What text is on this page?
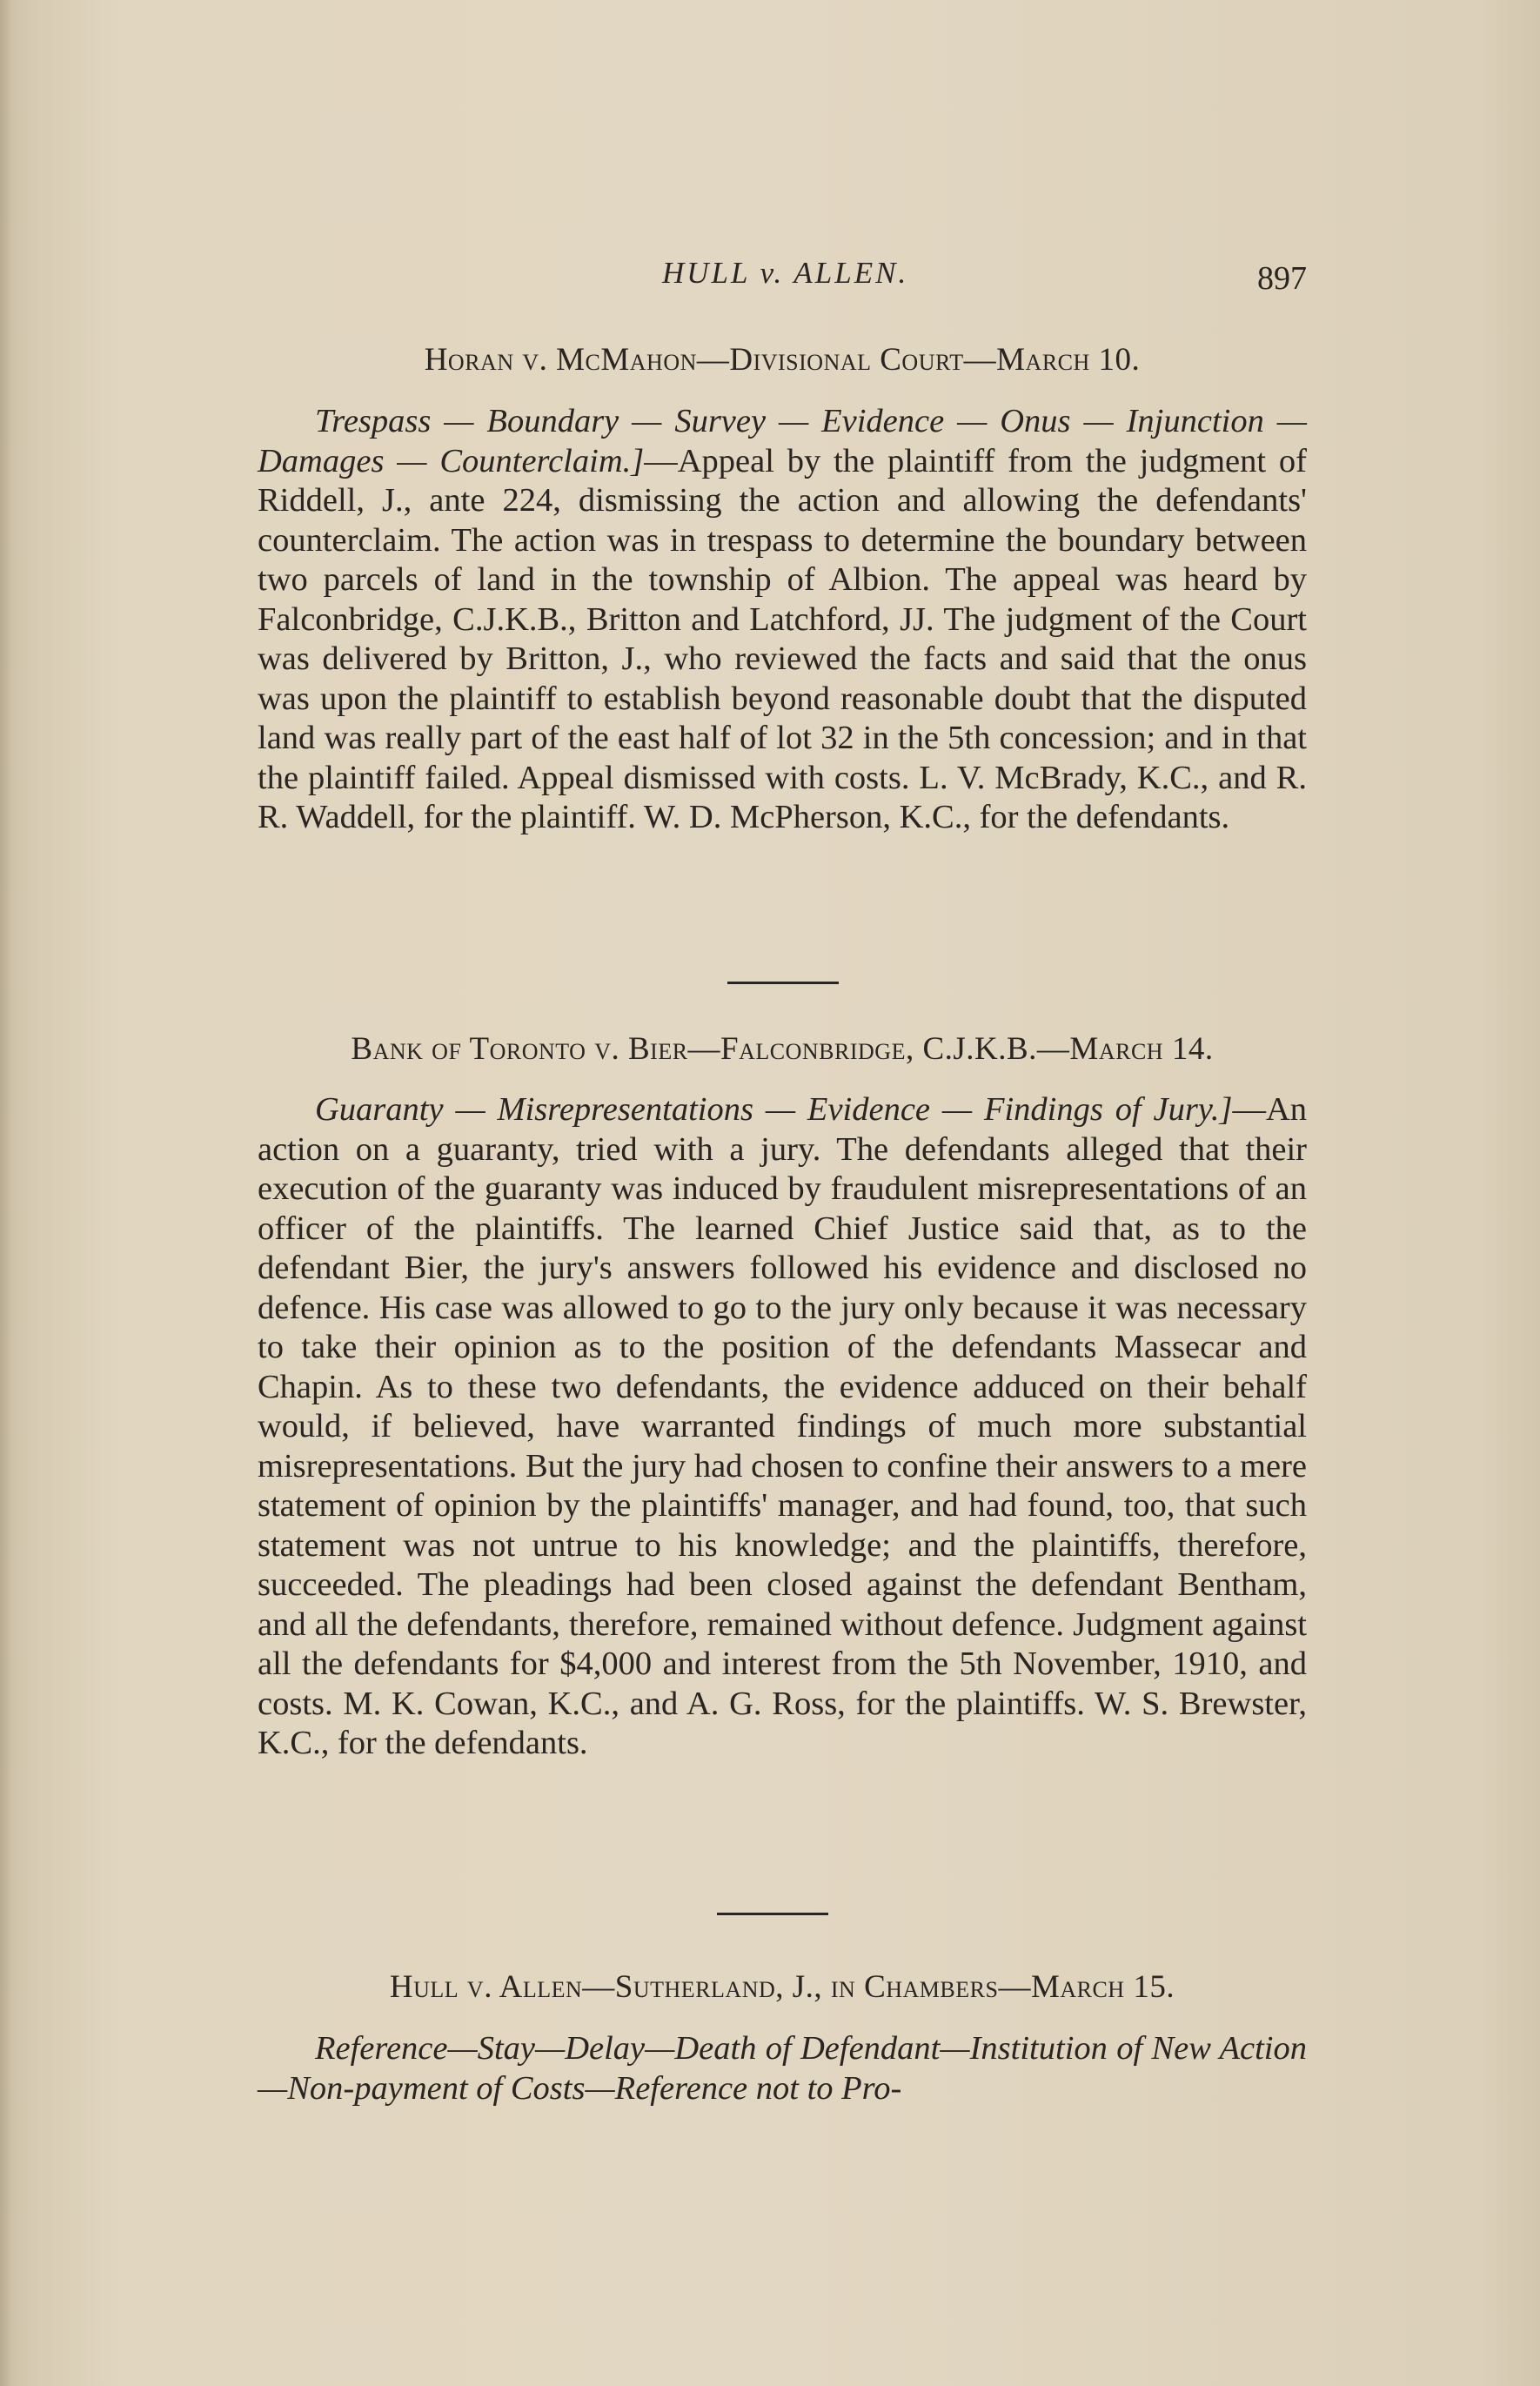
HULL v. ALLEN.	897
Horan v. McMahon—Divisional Court—March 10.

Trespass — Boundary — Survey — Evidence — Onus — Injunction — Damages — Counterclaim.]—Appeal by the plaintiff from the judgment of Riddell, J., ante 224, dismissing the action and allowing the defendants' counterclaim. The action was in trespass to determine the boundary between two parcels of land in the township of Albion. The appeal was heard by Falconbridge, C.J.K.B., Britton and Latchford, JJ. The judgment of the Court was delivered by Britton, J., who reviewed the facts and said that the onus was upon the plaintiff to establish beyond reasonable doubt that the disputed land was really part of the east half of lot 32 in the 5th concession; and in that the plaintiff failed. Appeal dismissed with costs. L. V. McBrady, K.C., and R. R. Waddell, for the plaintiff. W. D. McPherson, K.C., for the defendants.

Bank of Toronto v. Bier—Falconbridge, C.J.K.B.—March 14.

Guaranty — Misrepresentations — Evidence — Findings of Jury.]—An action on a guaranty, tried with a jury. The defendants alleged that their execution of the guaranty was induced by fraudulent misrepresentations of an officer of the plaintiffs. The learned Chief Justice said that, as to the defendant Bier, the jury's answers followed his evidence and disclosed no defence. His case was allowed to go to the jury only because it was necessary to take their opinion as to the position of the defendants Massecar and Chapin. As to these two defendants, the evidence adduced on their behalf would, if believed, have warranted findings of much more substantial misrepresentations. But the jury had chosen to confine their answers to a mere statement of opinion by the plaintiffs' manager, and had found, too, that such statement was not untrue to his knowledge; and the plaintiffs, therefore, succeeded. The pleadings had been closed against the defendant Bentham, and all the defendants, therefore, remained without defence. Judgment against all the defendants for $4,000 and interest from the 5th November, 1910, and costs. M. K. Cowan, K.C., and A. G. Ross, for the plaintiffs. W. S. Brewster, K.C., for the defendants.

Hull v. Allen—Sutherland, J., in Chambers—March 15.

Reference—Stay—Delay—Death of Defendant—Institution of New Action—Non-payment of Costs—Reference not to Pro-
